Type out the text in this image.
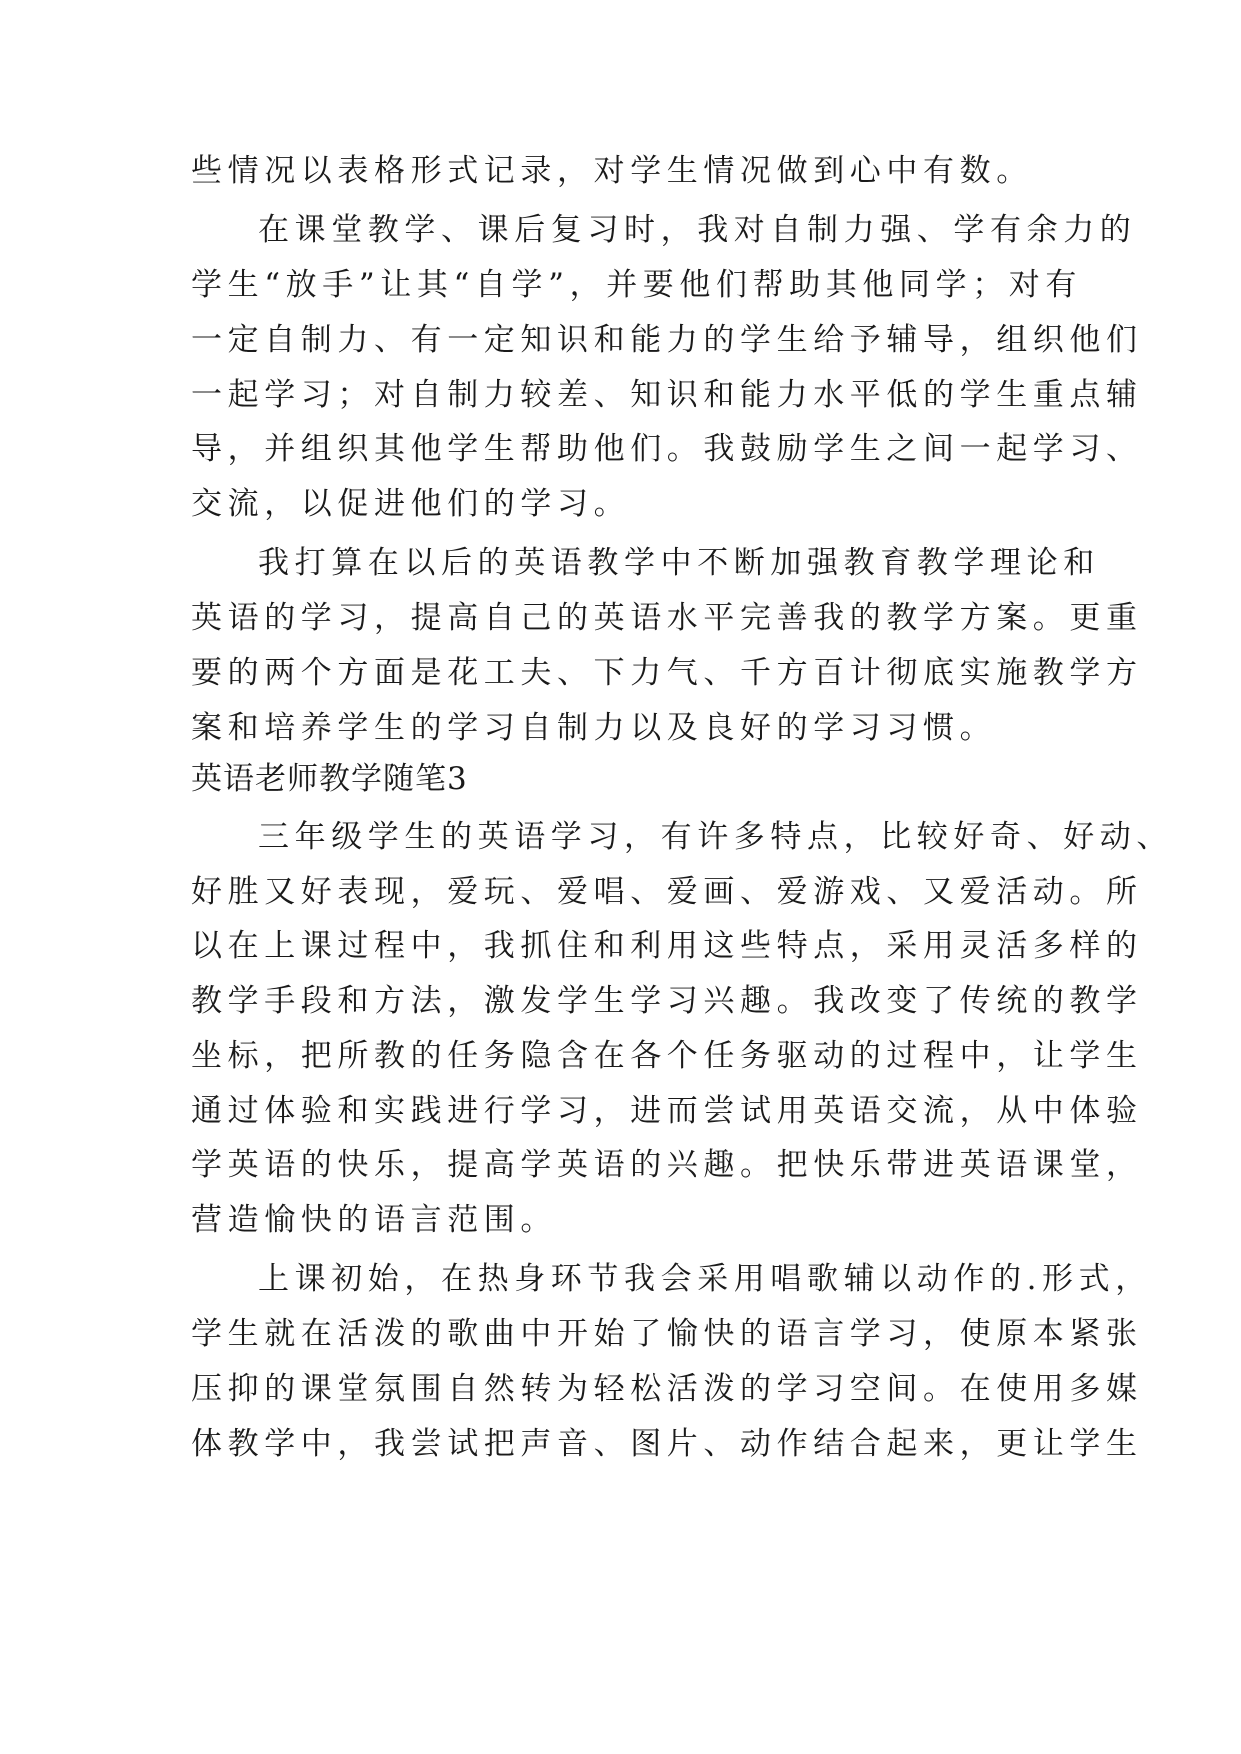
些情况以表格形式记录，对学生情况做到心中有数。
在课堂教学、课后复习时，我对自制力强、学有余力的
学生“放手”让其“自学”，并要他们帮助其他同学；对有
一定自制力、有一定知识和能力的学生给予辅导，组织他们
一起学习；对自制力较差、知识和能力水平低的学生重点辅
导，并组织其他学生帮助他们。我鼓励学生之间一起学习、
交流，以促进他们的学习。
我打算在以后的英语教学中不断加强教育教学理论和
英语的学习，提高自己的英语水平完善我的教学方案。更重
要的两个方面是花工夫、下力气、千方百计彻底实施教学方
案和培养学生的学习自制力以及良好的学习习惯。
英语老师教学随笔3
三年级学生的英语学习，有许多特点，比较好奇、好动、
好胜又好表现，爱玩、爱唱、爱画、爱游戏、又爱活动。所
以在上课过程中，我抓住和利用这些特点，采用灵活多样的
教学手段和方法，激发学生学习兴趣。我改变了传统的教学
坐标，把所教的任务隐含在各个任务驱动的过程中，让学生
通过体验和实践进行学习，进而尝试用英语交流，从中体验
学英语的快乐，提高学英语的兴趣。把快乐带进英语课堂，
营造愉快的语言范围。
上课初始，在热身环节我会采用唱歌辅以动作的.形式，
学生就在活泼的歌曲中开始了愉快的语言学习，使原本紧张
压抑的课堂氛围自然转为轻松活泼的学习空间。在使用多媒
体教学中，我尝试把声音、图片、动作结合起来，更让学生
